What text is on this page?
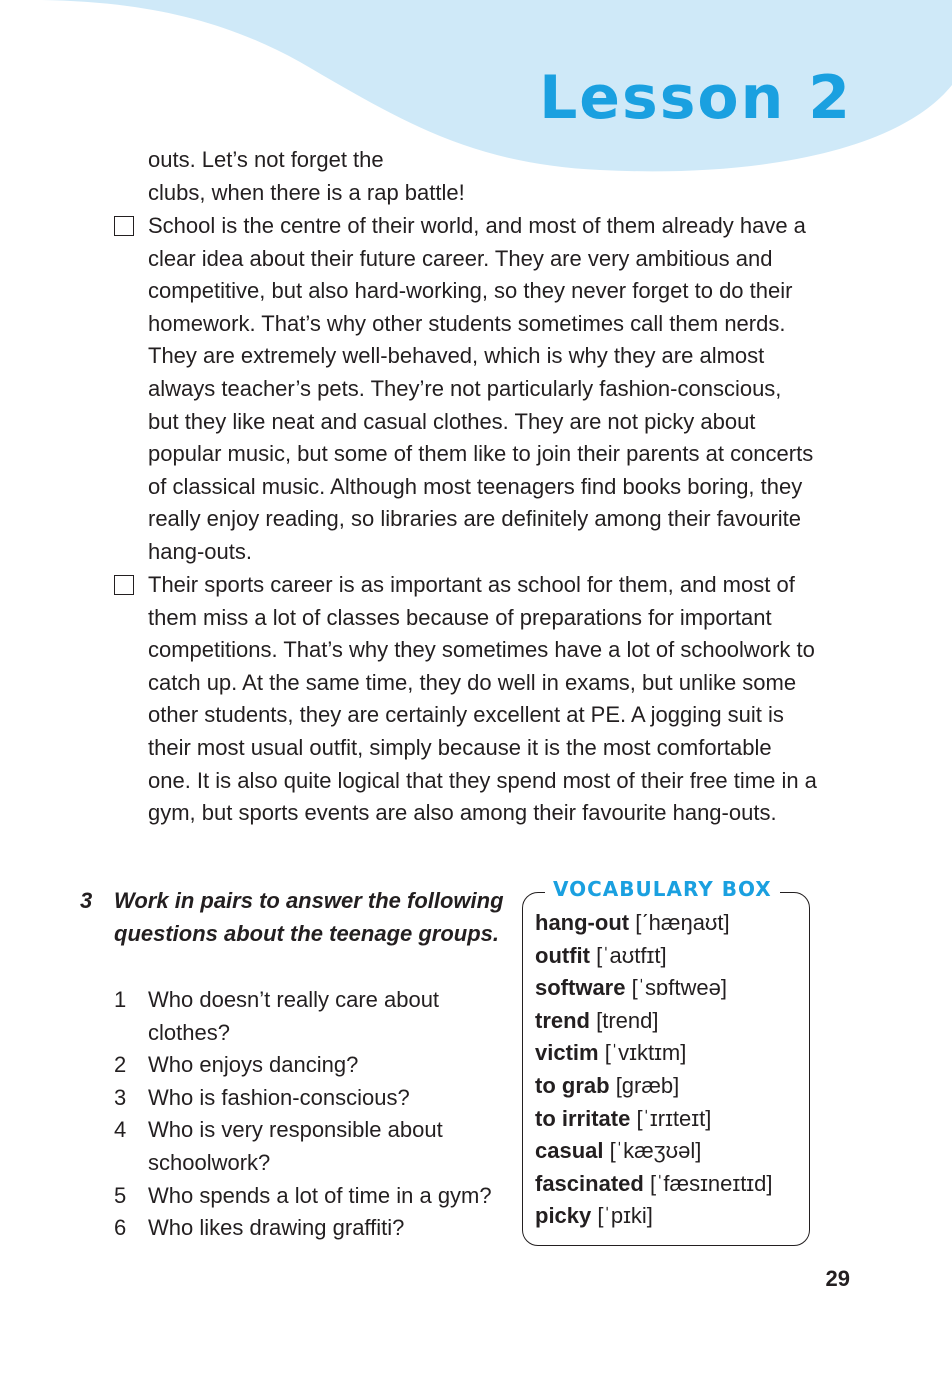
Lesson 2

outs. Let’s not forget the
clubs, when there is a rap battle!

School is the centre of their world, and most of them already have a clear idea about their future career. They are very ambitious and competitive, but also hard-working, so they never forget to do their homework. That’s why other students sometimes call them nerds. They are extremely well-behaved, which is why they are almost always teacher’s pets. They’re not particularly fashion-conscious, but they like neat and casual clothes. They are not picky about popular music, but some of them like to join their parents at concerts of classical music. Although most teenagers find books boring, they really enjoy reading, so libraries are definitely among their favourite hang-outs.

Their sports career is as important as school for them, and most of them miss a lot of classes because of preparations for important competitions. That’s why they sometimes have a lot of schoolwork to catch up. At the same time, they do well in exams, but unlike some other students, they are certainly excellent at PE. A jogging suit is their most usual outfit, simply because it is the most comfortable one. It is also quite logical that they spend most of their free time in a gym, but sports events are also among their favourite hang-outs.

3 Work in pairs to answer the following questions about the teenage groups.

1 Who doesn’t really care about clothes?
2 Who enjoys dancing?
3 Who is fashion-conscious?
4 Who is very responsible about schoolwork?
5 Who spends a lot of time in a gym?
6 Who likes drawing graffiti?
VOCABULARY BOX
hang-out [ˊhæŋaʊt]
outfit [ˈaʊtfɪt]
software [ˈsɒftweə]
trend [trend]
victim [ˈvɪktɪm]
to grab [græb]
to irritate [ˈɪrɪteɪt]
casual [ˈkæʒʊəl]
fascinated [ˈfæsɪneɪtɪd]
picky [ˈpɪki]
29
